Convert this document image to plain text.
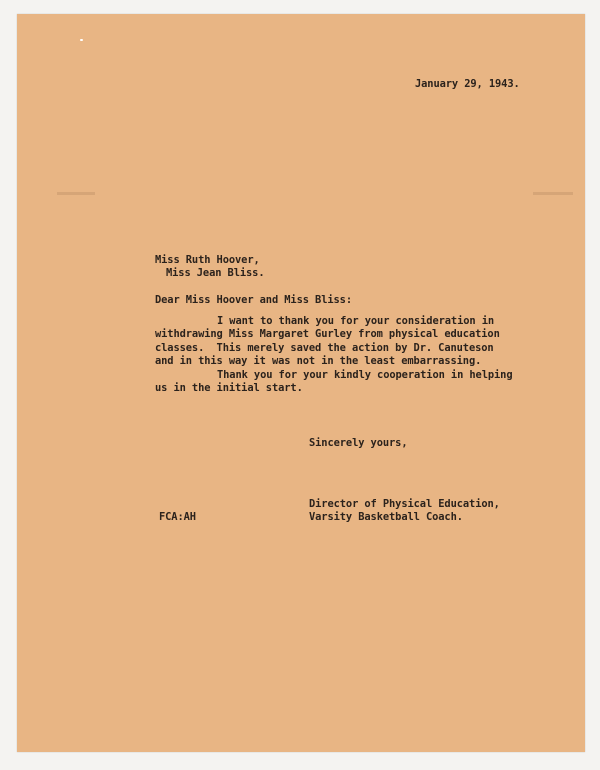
January 29, 1943.
Miss Ruth Hoover,
Miss Jean Bliss.
Dear Miss Hoover and Miss Bliss:
I want to thank you for your consideration in
withdrawing Miss Margaret Gurley from physical education
classes.  This merely saved the action by Dr. Canuteson
and in this way it was not in the least embarrassing.
Thank you for your kindly cooperation in helping
us in the initial start.
Sincerely yours,
Director of Physical Education,
Varsity Basketball Coach.
FCA:AH
